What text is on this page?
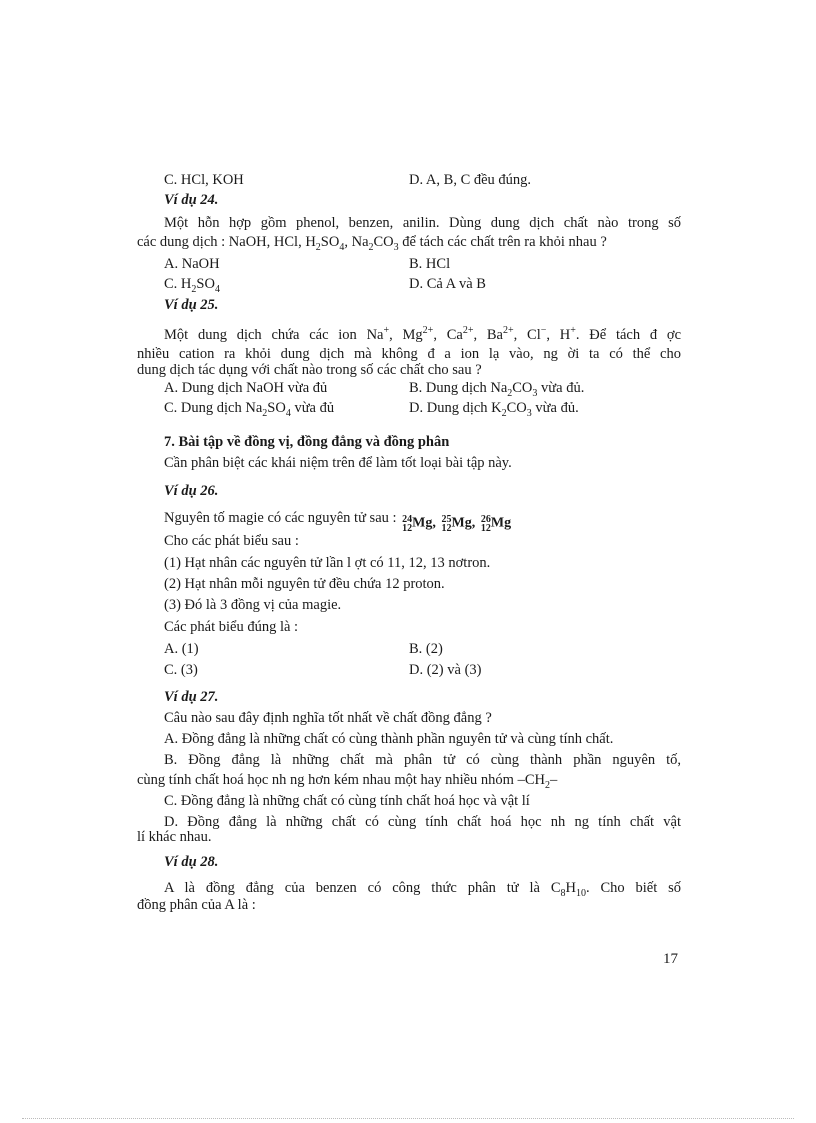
C. HCl, KOH	D. A, B, C đều đúng.
Ví dụ 24.
Một hỗn hợp gồm phenol, benzen, anilin. Dùng dung dịch chất nào trong số
các dung dịch : NaOH, HCl, $H_2SO_4$, $Na_2CO_3$ để tách các chất trên ra khỏi nhau ?
A. NaOH	B. HCl
C. $H_2SO_4$	D. Cả A và B
Ví dụ 25.
Một dung dịch chứa các ion Na+, $Mg^{2+}$, $Ca^{2+}$, $Ba^{2+}$, Cl−, H+. Để tách đ ợc
nhiều cation ra khỏi dung dịch mà không đ a ion lạ vào, ng ời ta có thể cho
dung dịch tác dụng với chất nào trong số các chất cho sau ?
A. Dung dịch NaOH vừa đủ	B. Dung dịch $Na_2CO_3$ vừa đủ.
C. Dung dịch $Na_2SO_4$ vừa đủ	D. Dung dịch $K_2CO_3$ vừa đủ.
7. Bài tập về đồng vị, đồng đẳng và đồng phân
Cần phân biệt các khái niệm trên để làm tốt loại bài tập này.
Ví dụ 26.
Nguyên tố magie có các nguyên tử sau : 24
12Mg, 25
12Mg, 26
12Mg
Cho các phát biểu sau :
(1) Hạt nhân các nguyên tử lần l ợt có 11, 12, 13 nơtron.
(2) Hạt nhân mỗi nguyên tử đều chứa 12 proton.
(3) Đó là 3 đồng vị của magie.
Các phát biểu đúng là :
A. (1)	B. (2)
C. (3)	D. (2) và (3)
Ví dụ 27.
Câu nào sau đây định nghĩa tốt nhất về chất đồng đẳng ?
A. Đồng đẳng là những chất có cùng thành phần nguyên tử và cùng tính chất.
B. Đồng đẳng là những chất mà phân tử có cùng thành phần nguyên tố,
cùng tính chất hoá học nh ng hơn kém nhau một hay nhiều nhóm $-CH_2-$
C. Đồng đẳng là những chất có cùng tính chất hoá học và vật lí
D. Đồng đẳng là những chất có cùng tính chất hoá học nh ng tính chất vật
lí khác nhau.
Ví dụ 28.
A là đồng đẳng của benzen có công thức phân tử là $C_8H_{10}$. Cho biết số
đồng phân của A là :
17
